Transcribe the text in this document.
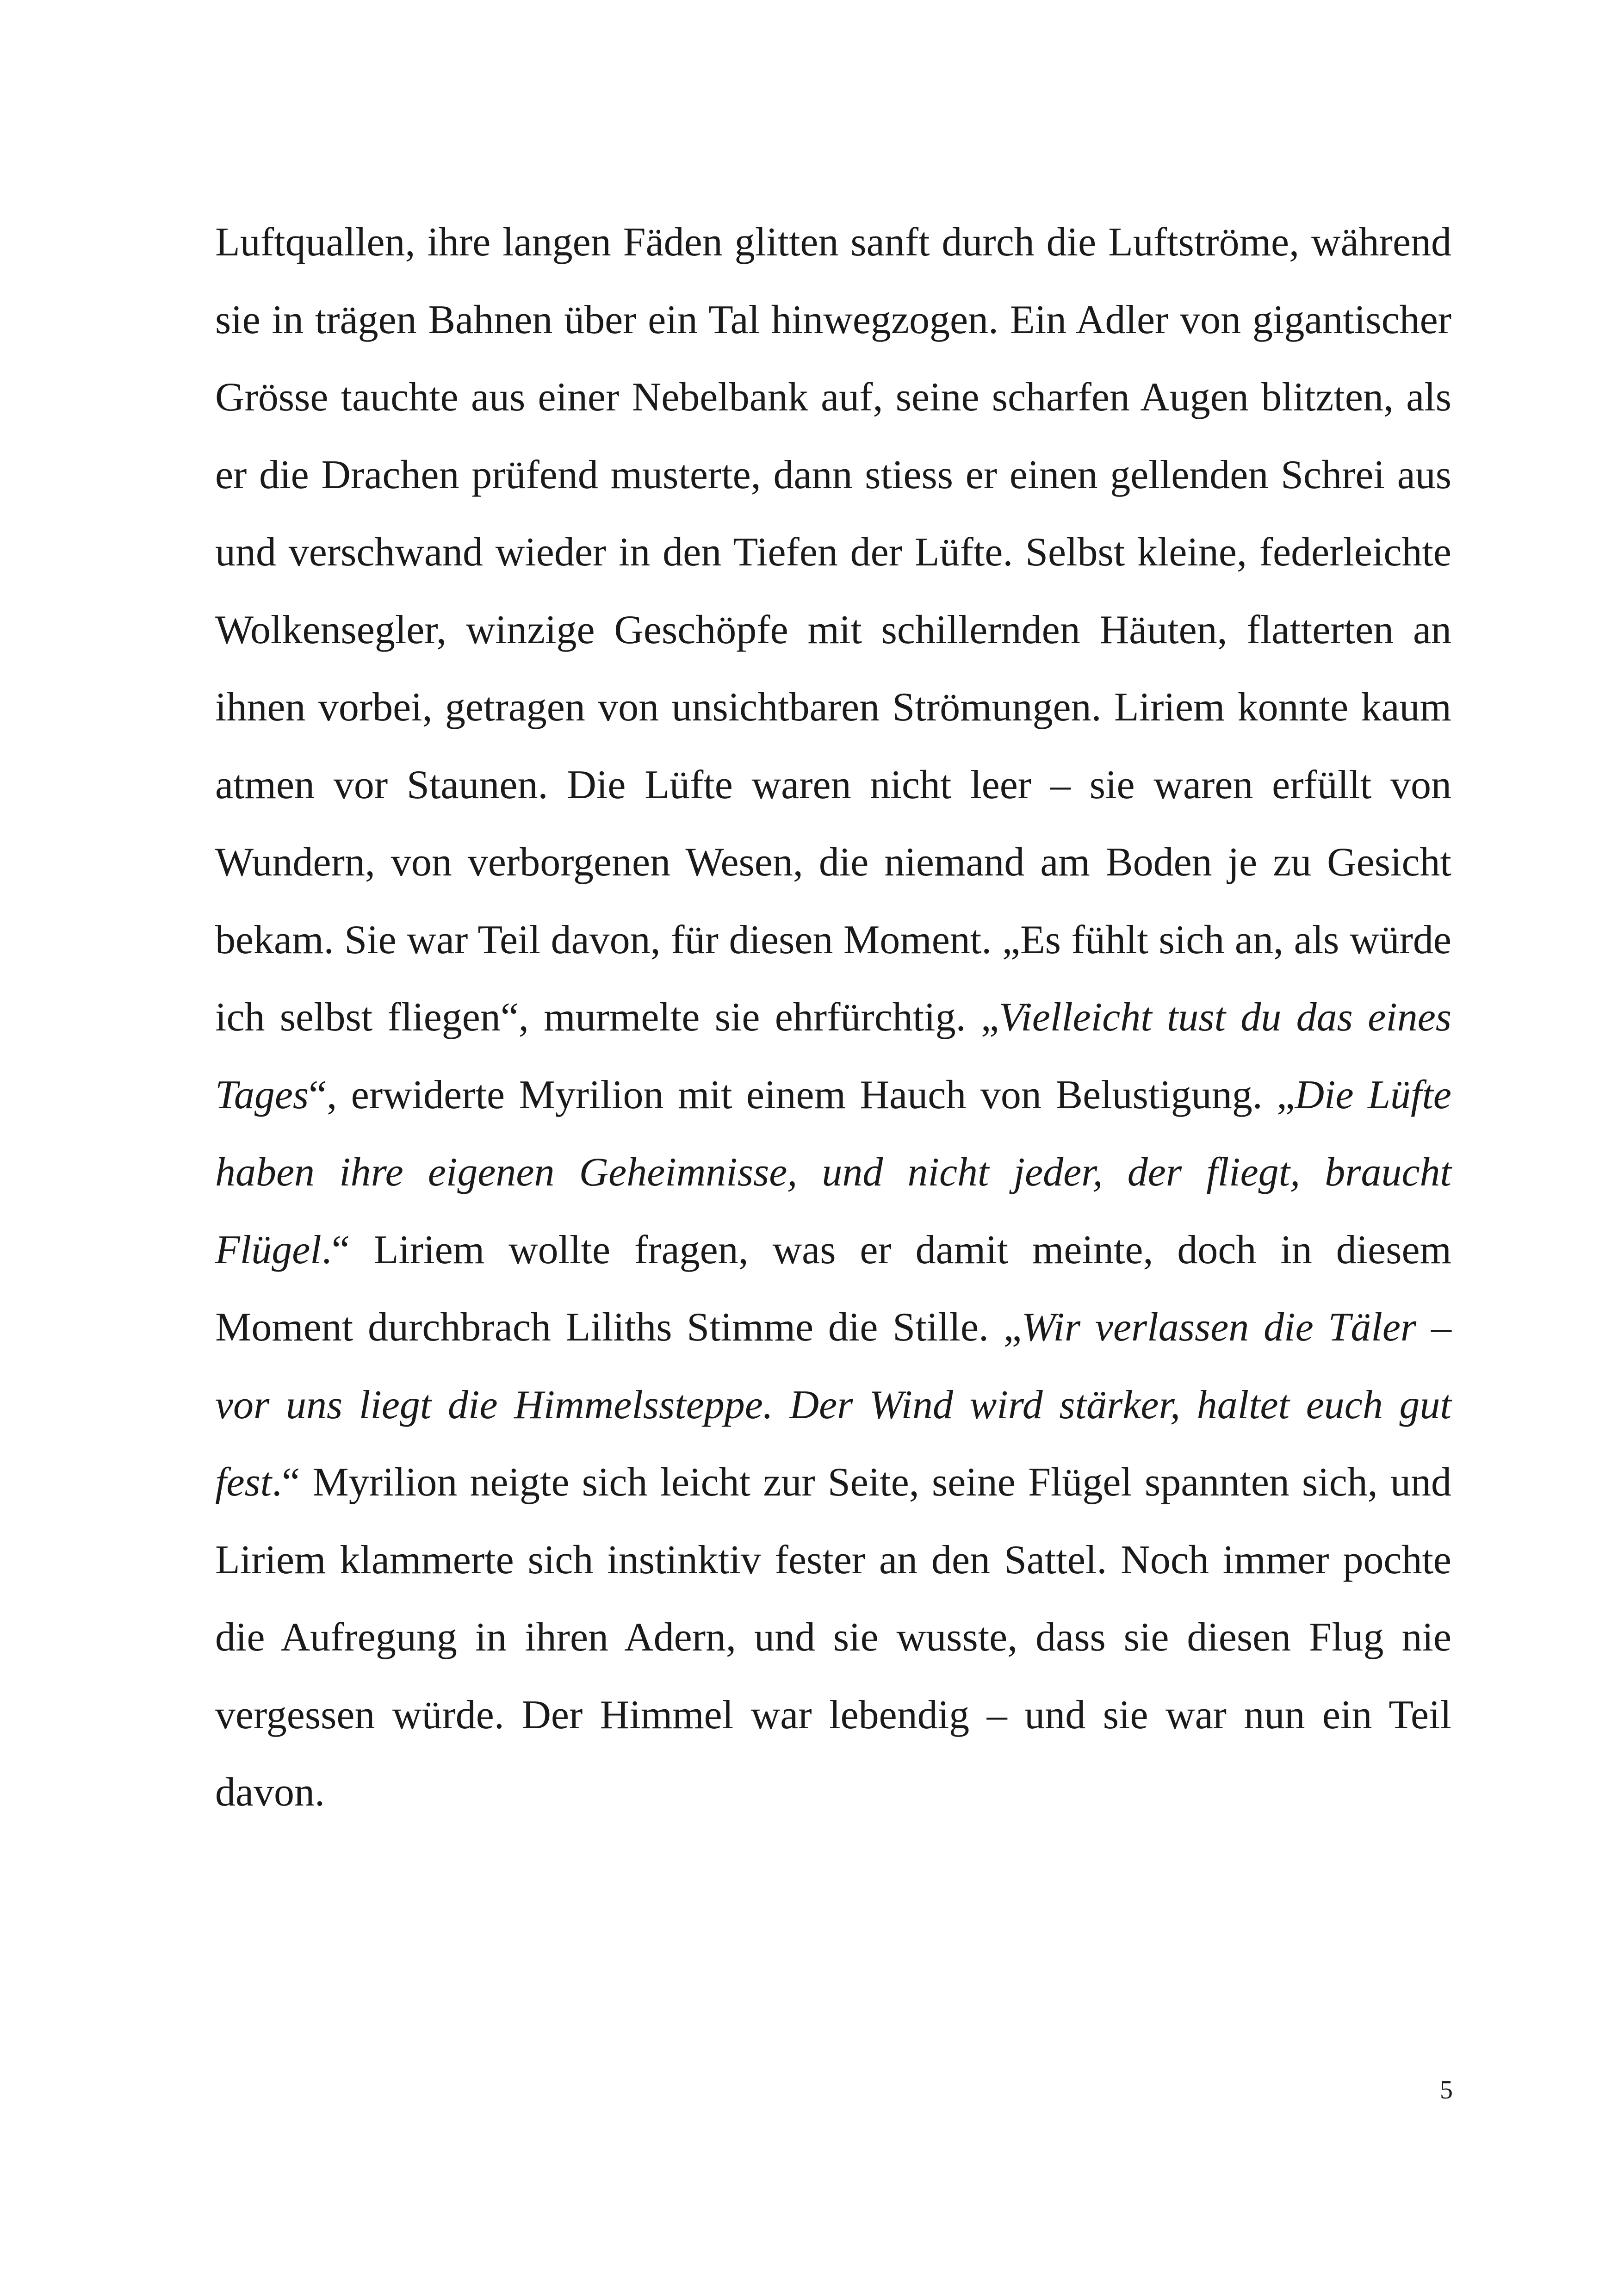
Luftquallen, ihre langen Fäden glitten sanft durch die Luftströme, während sie in trägen Bahnen über ein Tal hinwegzogen. Ein Adler von gigantischer Grösse tauchte aus einer Nebelbank auf, seine scharfen Augen blitzten, als er die Drachen prüfend musterte, dann stiess er einen gellenden Schrei aus und verschwand wieder in den Tiefen der Lüfte. Selbst kleine, federleichte Wolkensegler, winzige Geschöpfe mit schillernden Häuten, flatterten an ihnen vorbei, getragen von unsichtbaren Strömungen. Liriem konnte kaum atmen vor Staunen. Die Lüfte waren nicht leer – sie waren erfüllt von Wundern, von verborgenen Wesen, die niemand am Boden je zu Gesicht bekam. Sie war Teil davon, für diesen Moment. „Es fühlt sich an, als würde ich selbst fliegen“, murmelte sie ehrfürchtig. „Vielleicht tust du das eines Tages“, erwiderte Myrilion mit einem Hauch von Belustigung. „Die Lüfte haben ihre eigenen Geheimnisse, und nicht jeder, der fliegt, braucht Flügel.“ Liriem wollte fragen, was er damit meinte, doch in diesem Moment durchbrach Liliths Stimme die Stille. „Wir verlassen die Täler – vor uns liegt die Himmelssteppe. Der Wind wird stärker, haltet euch gut fest.“ Myrilion neigte sich leicht zur Seite, seine Flügel spannten sich, und Liriem klammerte sich instinktiv fester an den Sattel. Noch immer pochte die Aufregung in ihren Adern, und sie wusste, dass sie diesen Flug nie vergessen würde. Der Himmel war lebendig – und sie war nun ein Teil davon.

5
